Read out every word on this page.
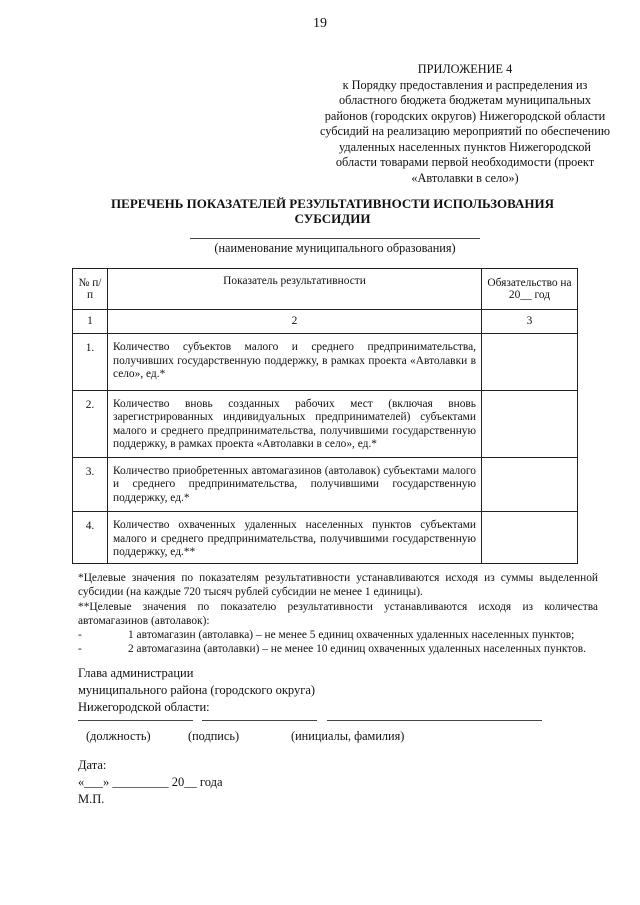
19
ПРИЛОЖЕНИЕ 4
к Порядку предоставления и распределения из
областного бюджета бюджетам муниципальных
районов (городских округов) Нижегородской области
субсидий на реализацию мероприятий по обеспечению
удаленных населенных пунктов Нижегородской
области товарами первой необходимости (проект
«Автолавки в село»)
ПЕРЕЧЕНЬ ПОКАЗАТЕЛЕЙ РЕЗУЛЬТАТИВНОСТИ ИСПОЛЬЗОВАНИЯ СУБСИДИИ
(наименование муниципального образования)
№ п/п	Показатель результативности	Обязательство на 20__ год
1	2	3
1.	Количество субъектов малого и среднего предпринимательства, получивших государственную поддержку, в рамках проекта «Автолавки в село», ед.*	
2.	Количество вновь созданных рабочих мест (включая вновь зарегистрированных индивидуальных предпринимателей) субъектами малого и среднего предпринимательства, получившими государственную поддержку, в рамках проекта «Автолавки в село», ед.*	
3.	Количество приобретенных автомагазинов (автолавок) субъектами малого и среднего предпринимательства, получившими государственную поддержку, ед.*	
4.	Количество охваченных удаленных населенных пунктов субъектами малого и среднего предпринимательства, получившими государственную поддержку, ед.**	

*Целевые значения по показателям результативности устанавливаются исходя из суммы выделенной субсидии (на каждые 720 тысяч рублей субсидии не менее 1 единицы).

**Целевые значения по показателю результативности устанавливаются исходя из количества автомагазинов (автолавок):

-	1 автомагазин (автолавка) – не менее 5 единиц охваченных удаленных населенных пунктов;
-	2 автомагазина (автолавки) – не менее 10 единиц охваченных удаленных населенных пунктов.

Глава администрации

муниципального района (городского округа)

Нижегородской области:

(должность)	(подпись)	(инициалы, фамилия)

Дата:

«___» _________ 20__ года

М.П.
